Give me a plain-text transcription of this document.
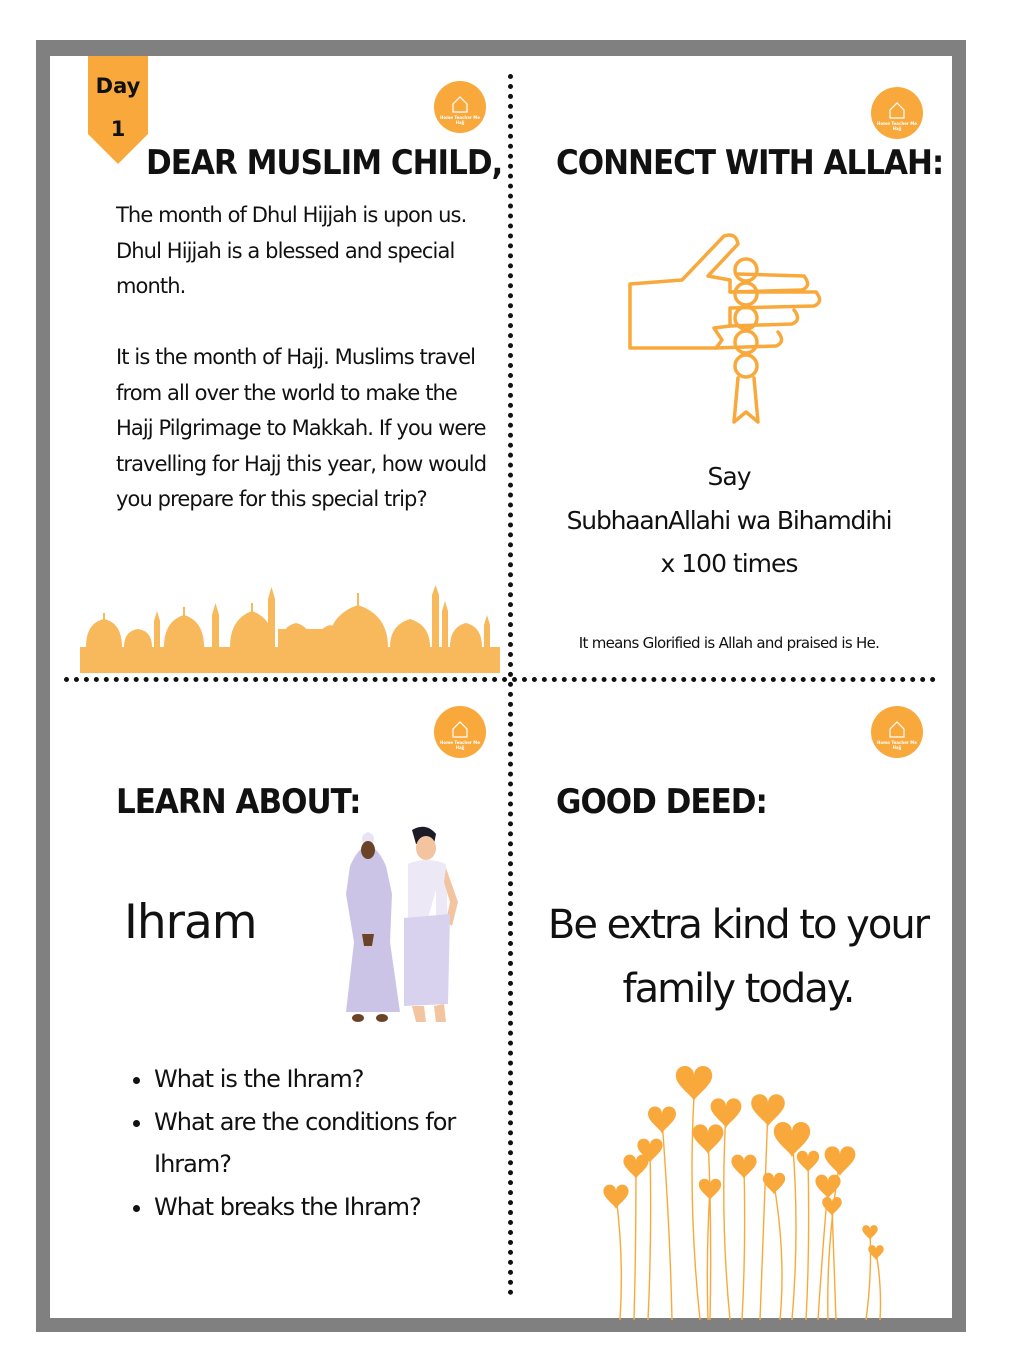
Day
1	Home Teacher Me
Hajj	Home Teacher Me
Hajj
Home Teacher Me
Hajj
Home Teacher Me
Hajj
DEAR MUSLIM CHILD,

The month of Dhul Hijjah is upon us. Dhul Hijjah is a blessed and special month.

It is the month of Hajj. Muslims travel from all over the world to make the Hajj Pilgrimage to Makkah. If you were travelling for Hajj this year, how would you prepare for this special trip?

CONNECT WITH ALLAH:
Say
SubhaanAllahi wa Bihamdihi
x 100 times
It means Glorified is Allah and praised is He.
LEARN ABOUT:
Ihram
• What is the Ihram?
• What are the conditions for Ihram?
• What breaks the Ihram?
GOOD DEED:
Be extra kind to your family today.
